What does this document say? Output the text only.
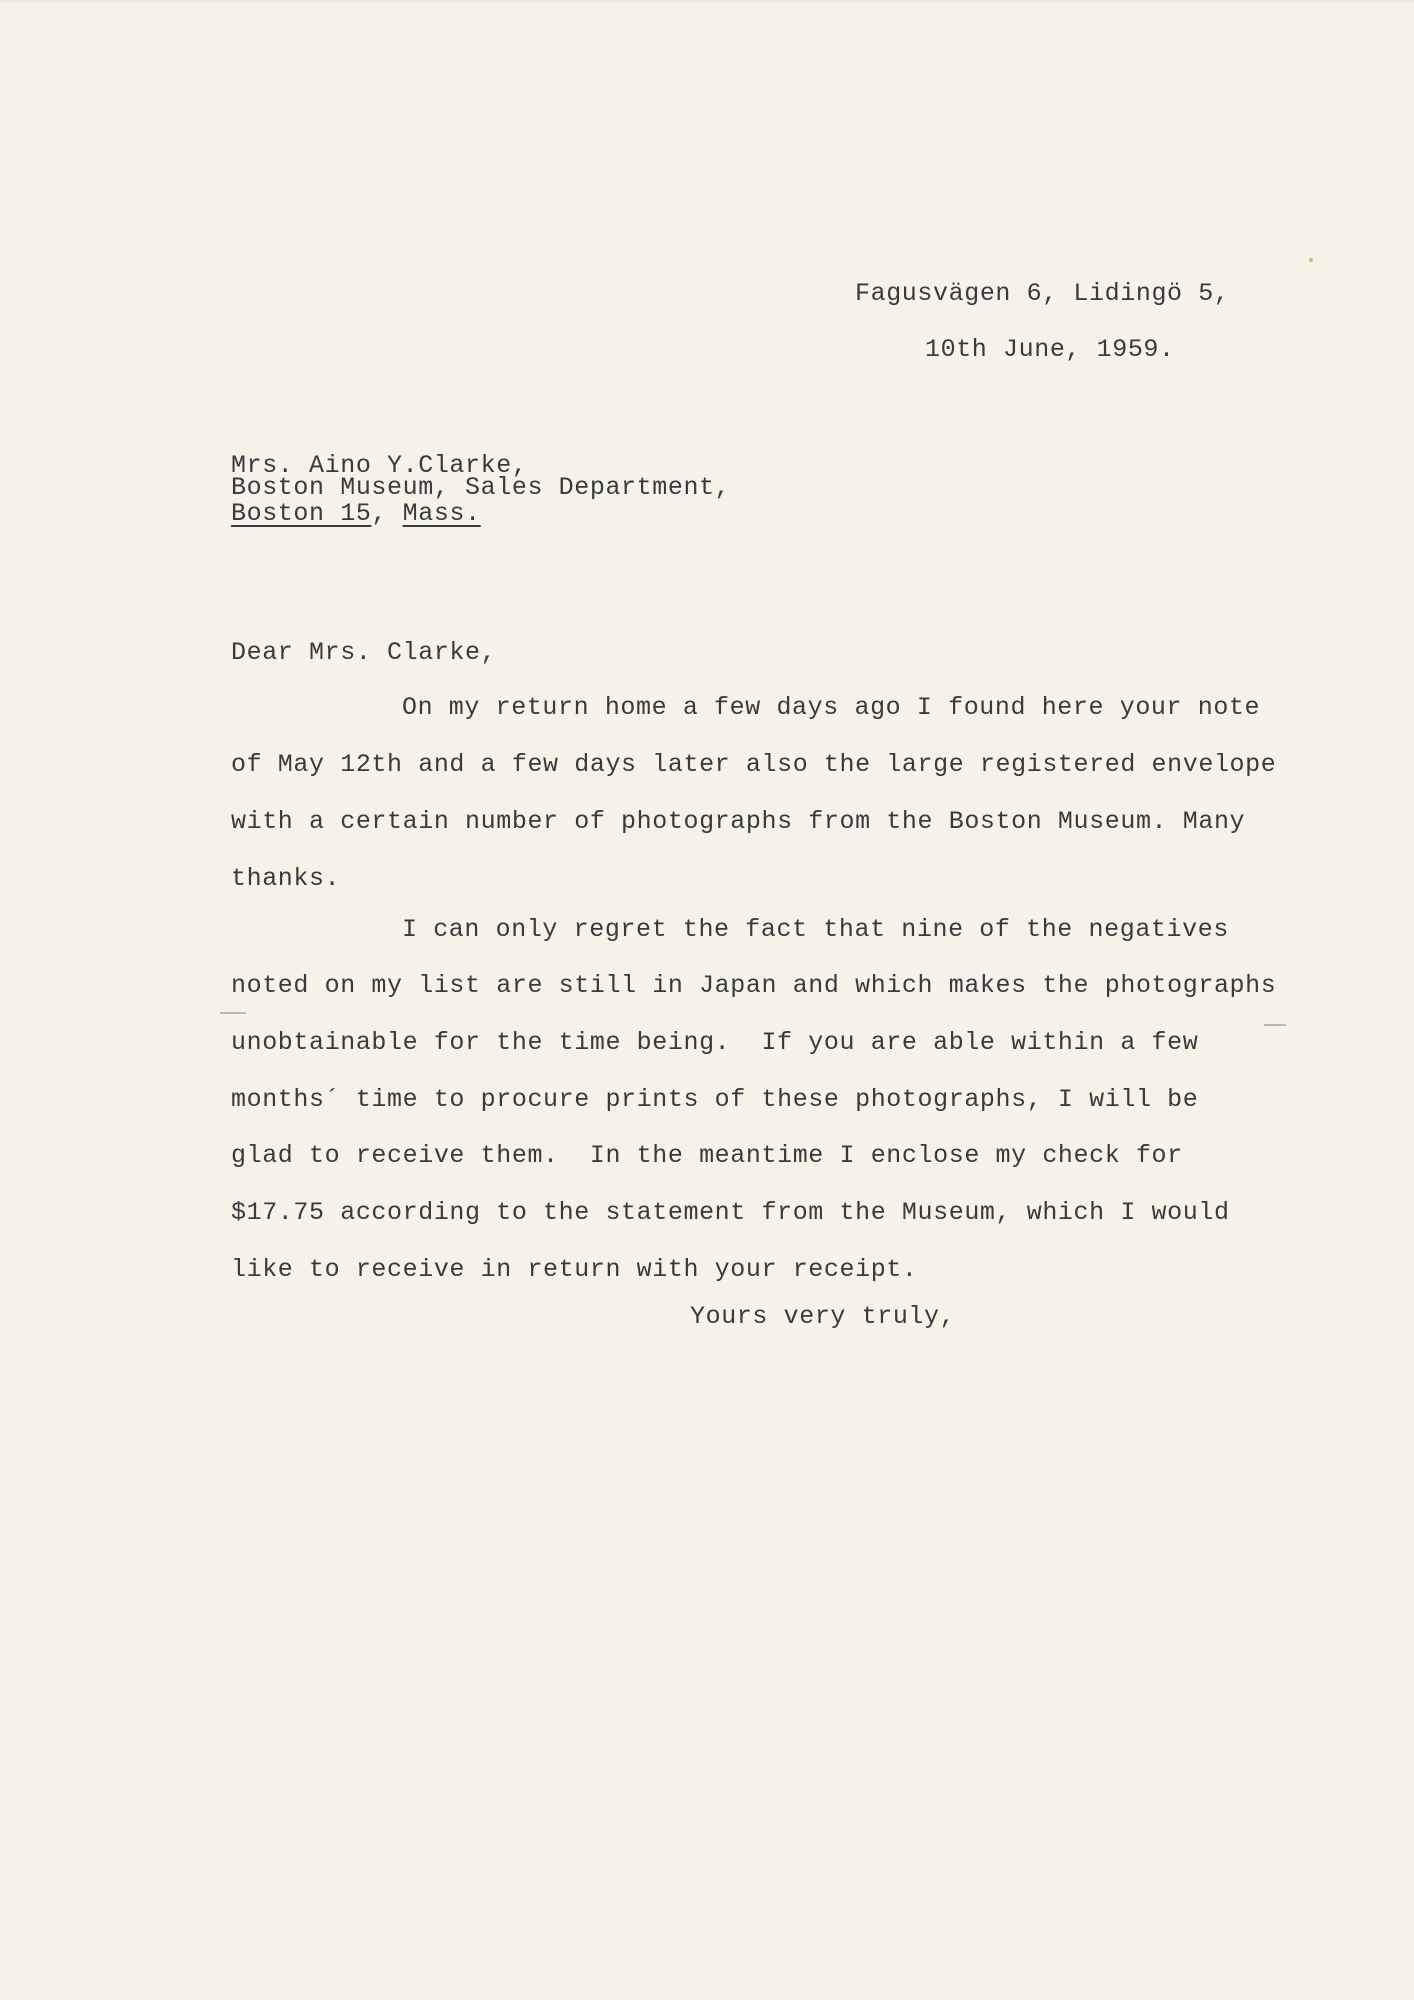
Fagusvägen 6, Lidingö 5,
10th June, 1959.
Mrs. Aino Y.Clarke,
Boston Museum, Sales Department,
Boston 15, Mass.
Dear Mrs. Clarke,
On my return home a few days ago I found here your note
of May 12th and a few days later also the large registered envelope
with a certain number of photographs from the Boston Museum. Many
thanks.
I can only regret the fact that nine of the negatives
noted on my list are still in Japan and which makes the photographs
unobtainable for the time being.  If you are able within a few
months´ time to procure prints of these photographs, I will be
glad to receive them.  In the meantime I enclose my check for
$17.75 according to the statement from the Museum, which I would
like to receive in return with your receipt.
Yours very truly,
